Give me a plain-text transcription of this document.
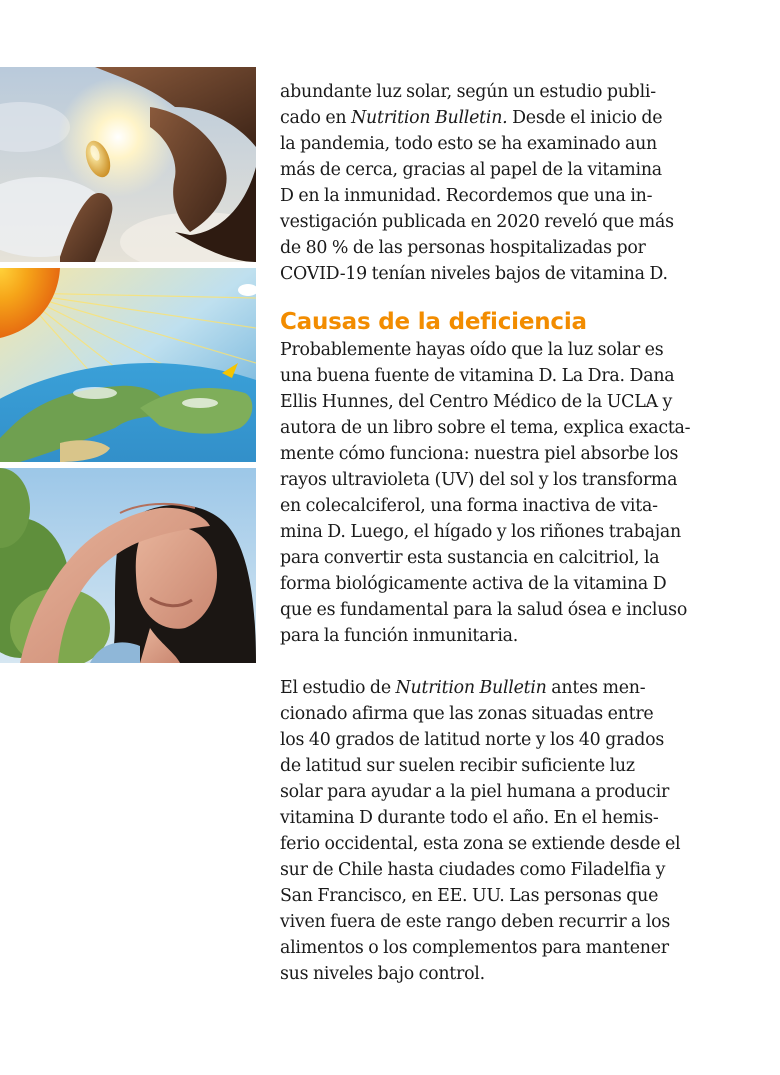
abundante luz solar, según un estudio publi-
cado en Nutrition Bulletin. Desde el inicio de
la pandemia, todo esto se ha examinado aun
más de cerca, gracias al papel de la vitamina
D en la inmunidad. Recordemos que una in-
vestigación publicada en 2020 reveló que más
de 80 % de las personas hospitalizadas por
COVID-19 tenían niveles bajos de vitamina D.
Causas de la deficiencia
Probablemente hayas oído que la luz solar es
una buena fuente de vitamina D. La Dra. Dana
Ellis Hunnes, del Centro Médico de la UCLA y
autora de un libro sobre el tema, explica exacta-
mente cómo funciona: nuestra piel absorbe los
rayos ultravioleta (UV) del sol y los transforma
en colecalciferol, una forma inactiva de vita-
mina D. Luego, el hígado y los riñones trabajan
para convertir esta sustancia en calcitriol, la
forma biológicamente activa de la vitamina D
que es fundamental para la salud ósea e incluso
para la función inmunitaria.
El estudio de Nutrition Bulletin antes men-
cionado afirma que las zonas situadas entre
los 40 grados de latitud norte y los 40 grados
de latitud sur suelen recibir suficiente luz
solar para ayudar a la piel humana a producir
vitamina D durante todo el año. En el hemis-
ferio occidental, esta zona se extiende desde el
sur de Chile hasta ciudades como Filadelfia y
San Francisco, en EE. UU. Las personas que
viven fuera de este rango deben recurrir a los
alimentos o los complementos para mantener
sus niveles bajo control.
